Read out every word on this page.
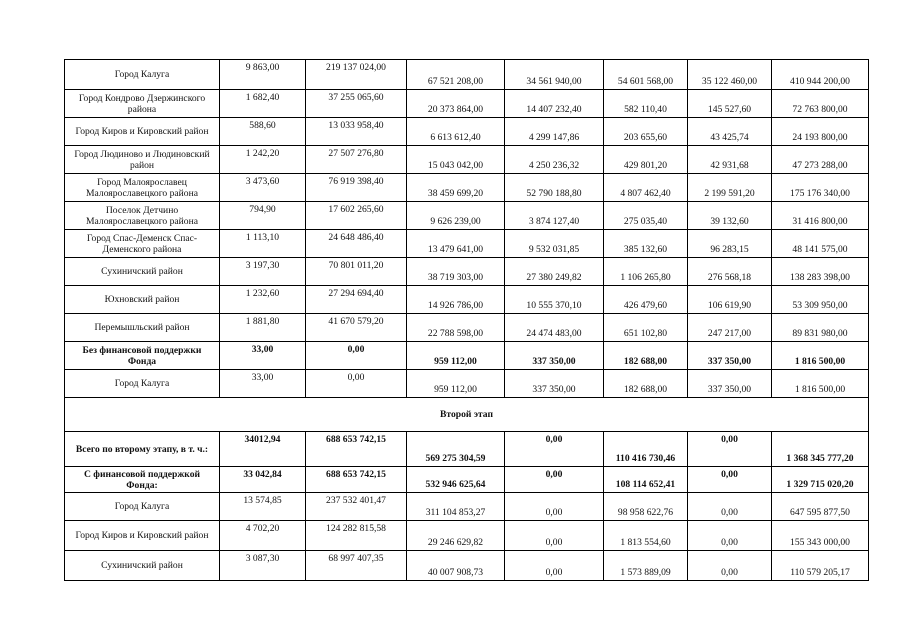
Город Калуга	9 863,00	219 137 024,00	67 521 208,00	34 561 940,00	54 601 568,00	35 122 460,00	410 944 200,00
Город Кондрово Дзержинского района	1 682,40	37 255 065,60	20 373 864,00	14 407 232,40	582 110,40	145 527,60	72 763 800,00
Город Киров и Кировский район	588,60	13 033 958,40	6 613 612,40	4 299 147,86	203 655,60	43 425,74	24 193 800,00
Город Людиново и Людиновский район	1 242,20	27 507 276,80	15 043 042,00	4 250 236,32	429 801,20	42 931,68	47 273 288,00
Город Малоярославец Малоярославецкого района	3 473,60	76 919 398,40	38 459 699,20	52 790 188,80	4 807 462,40	2 199 591,20	175 176 340,00
Поселок Детчино Малоярославецкого района	794,90	17 602 265,60	9 626 239,00	3 874 127,40	275 035,40	39 132,60	31 416 800,00
Город Спас-Деменск Спас-Деменского района	1 113,10	24 648 486,40	13 479 641,00	9 532 031,85	385 132,60	96 283,15	48 141 575,00
Сухиничский район	3 197,30	70 801 011,20	38 719 303,00	27 380 249,82	1 106 265,80	276 568,18	138 283 398,00
Юхновский район	1 232,60	27 294 694,40	14 926 786,00	10 555 370,10	426 479,60	106 619,90	53 309 950,00
Перемышльский район	1 881,80	41 670 579,20	22 788 598,00	24 474 483,00	651 102,80	247 217,00	89 831 980,00
Без финансовой поддержки Фонда	33,00	0,00	959 112,00	337 350,00	182 688,00	337 350,00	1 816 500,00
Город Калуга	33,00	0,00	959 112,00	337 350,00	182 688,00	337 350,00	1 816 500,00
Второй этап							
Всего по второму этапу, в т. ч.:	34012,94	688 653 742,15	569 275 304,59	0,00	110 416 730,46	0,00	1 368 345 777,20
С финансовой поддержкой Фонда:	33 042,84	688 653 742,15	532 946 625,64	0,00	108 114 652,41	0,00	1 329 715 020,20
Город Калуга	13 574,85	237 532 401,47	311 104 853,27	0,00	98 958 622,76	0,00	647 595 877,50
Город Киров и Кировский район	4 702,20	124 282 815,58	29 246 629,82	0,00	1 813 554,60	0,00	155 343 000,00
Сухиничский район	3 087,30	68 997 407,35	40 007 908,73	0,00	1 573 889,09	0,00	110 579 205,17
